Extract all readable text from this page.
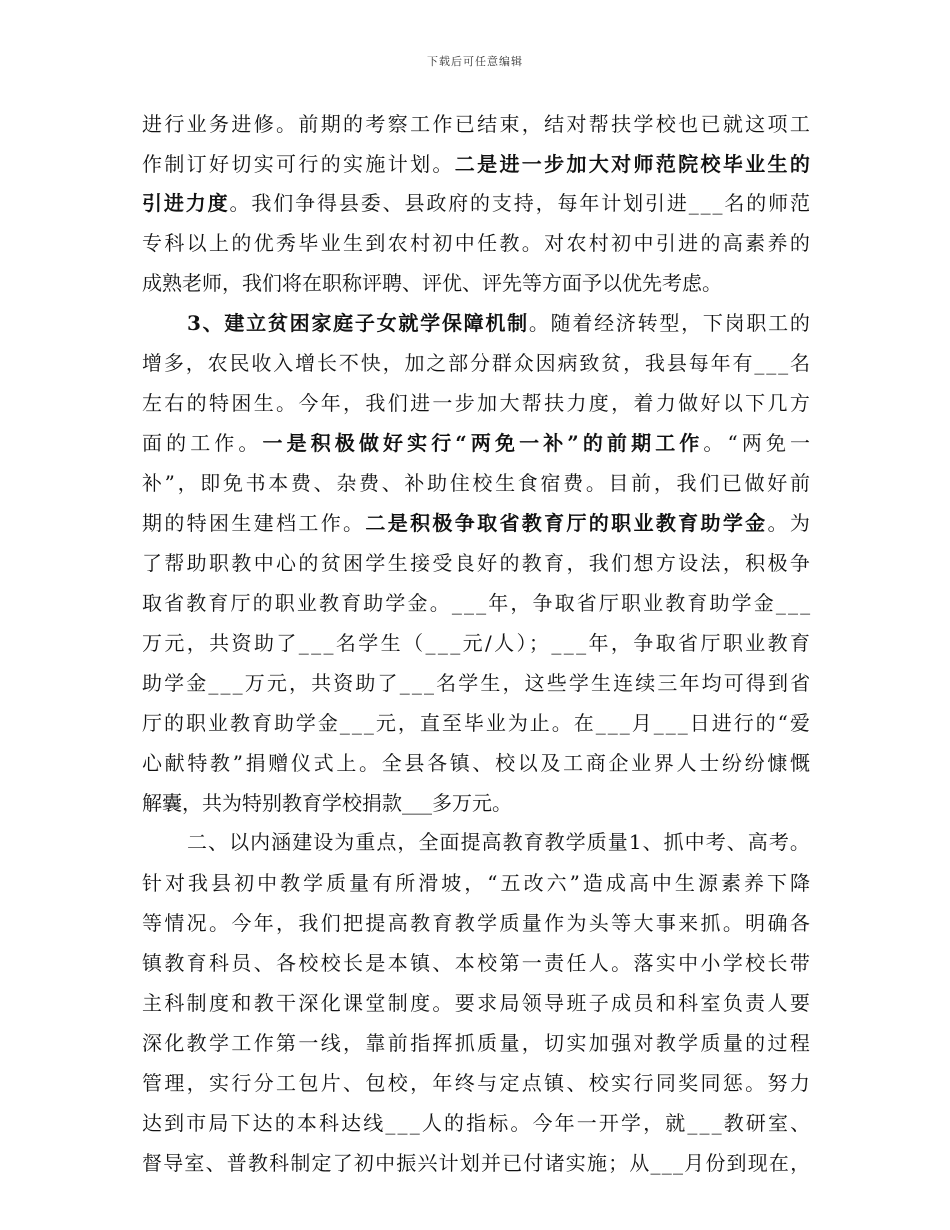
下载后可任意编辑
进行业务进修。前期的考察工作已结束，结对帮扶学校也已就这项工
作制订好切实可行的实施计划。二是进一步加大对师范院校毕业生的
引进力度。我们争得县委、县政府的支持，每年计划引进___名的师范
专科以上的优秀毕业生到农村初中任教。对农村初中引进的高素养的
成熟老师，我们将在职称评聘、评优、评先等方面予以优先考虑。
3、建立贫困家庭子女就学保障机制。随着经济转型，下岗职工的
增多，农民收入增长不快，加之部分群众因病致贫，我县每年有___名
左右的特困生。今年，我们进一步加大帮扶力度，着力做好以下几方
面的工作。一是积极做好实行“两免一补”的前期工作。“两免一
补”，即免书本费、杂费、补助住校生食宿费。目前，我们已做好前
期的特困生建档工作。二是积极争取省教育厅的职业教育助学金。为
了帮助职教中心的贫困学生接受良好的教育，我们想方设法，积极争
取省教育厅的职业教育助学金。___年，争取省厅职业教育助学金___
万元，共资助了___名学生（___元/人）；___年，争取省厅职业教育
助学金___万元，共资助了___名学生，这些学生连续三年均可得到省
厅的职业教育助学金___元，直至毕业为止。在___月___日进行的“爱
心献特教”捐赠仪式上。全县各镇、校以及工商企业界人士纷纷慷慨
解囊，共为特别教育学校捐款___多万元。
二、以内涵建设为重点，全面提高教育教学质量1、抓中考、高考。
针对我县初中教学质量有所滑坡，“五改六”造成高中生源素养下降
等情况。今年，我们把提高教育教学质量作为头等大事来抓。明确各
镇教育科员、各校校长是本镇、本校第一责任人。落实中小学校长带
主科制度和教干深化课堂制度。要求局领导班子成员和科室负责人要
深化教学工作第一线，靠前指挥抓质量，切实加强对教学质量的过程
管理，实行分工包片、包校，年终与定点镇、校实行同奖同惩。努力
达到市局下达的本科达线___人的指标。今年一开学，就___教研室、
督导室、普教科制定了初中振兴计划并已付诸实施；从___月份到现在，
